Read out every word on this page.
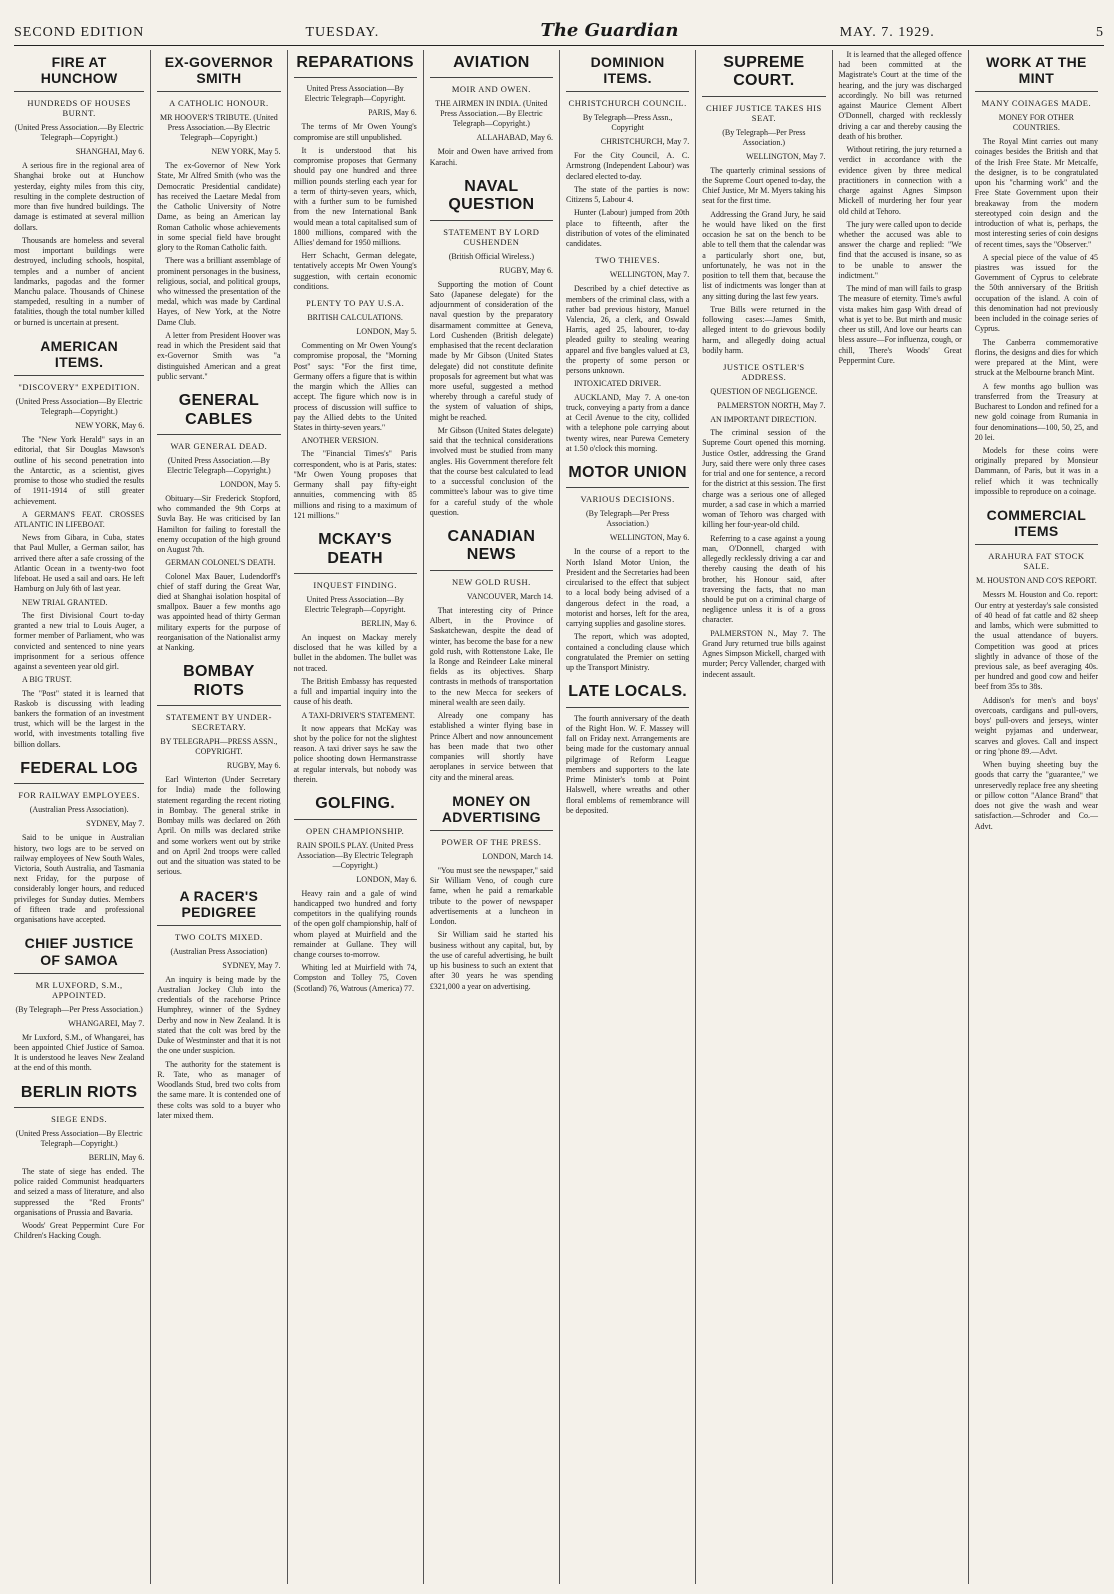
SECOND EDITION	TUESDAY.	The Guardian	MAY. 7. 1929.	5
FIRE AT HUNCHOW
HUNDREDS OF HOUSES BURNT.
(United Press Association.—By Electric Telegraph—Copyright.)
SHANGHAI, May 6.

A serious fire in the regional area of Shanghai broke out at Hunchow yesterday, eighty miles from this city, resulting in the complete destruction of more than five hundred buildings. The damage is estimated at several million dollars.

Thousands are homeless and several most important buildings were destroyed, including schools, hospital, temples and a number of ancient landmarks, pagodas and the former Manchu palace. Thousands of Chinese stampeded, resulting in a number of fatalities, though the total number killed or burned is uncertain at present.

AMERICAN ITEMS.
"DISCOVERY" EXPEDITION.
(United Press Association—By Electric Telegraph—Copyright.)
NEW YORK, May 6.

The "New York Herald" says in an editorial, that Sir Douglas Mawson's outline of his second penetration into the Antarctic, as a scientist, gives promise to those who studied the results of 1911-1914 of still greater achievement.

A GERMAN'S FEAT. CROSSES ATLANTIC IN LIFEBOAT.

News from Gibara, in Cuba, states that Paul Muller, a German sailor, has arrived there after a safe crossing of the Atlantic Ocean in a twenty-two foot lifeboat. He used a sail and oars. He left Hamburg on July 6th of last year.

NEW TRIAL GRANTED.

The first Divisional Court to-day granted a new trial to Louis Auger, a former member of Parliament, who was convicted and sentenced to nine years imprisonment for a serious offence against a seventeen year old girl.

A BIG TRUST.

The "Post" stated it is learned that Raskob is discussing with leading bankers the formation of an investment trust, which will be the largest in the world, with investments totalling five billion dollars.

FEDERAL LOG
FOR RAILWAY EMPLOYEES.
(Australian Press Association).
SYDNEY, May 7.

Said to be unique in Australian history, two logs are to be served on railway employees of New South Wales, Victoria, South Australia, and Tasmania next Friday, for the purpose of considerably longer hours, and reduced privileges for Sunday duties. Members of fifteen trade and professional organisations have accepted.

CHIEF JUSTICE OF SAMOA
MR LUXFORD, S.M., APPOINTED.
(By Telegraph—Per Press Association.)
WHANGAREI, May 7.

Mr Luxford, S.M., of Whangarei, has been appointed Chief Justice of Samoa. It is understood he leaves New Zealand at the end of this month.

BERLIN RIOTS
SIEGE ENDS.
(United Press Association—By Electric Telegraph—Copyright.)
BERLIN, May 6.

The state of siege has ended. The police raided Communist headquarters and seized a mass of literature, and also suppressed the "Red Fronts" organisations of Prussia and Bavaria.

Woods' Great Peppermint Cure For Children's Hacking Cough.

EX-GOVERNOR SMITH
A CATHOLIC HONOUR.
MR HOOVER'S TRIBUTE. (United Press Association.—By Electric Telegraph—Copyright.)
NEW YORK, May 5.

The ex-Governor of New York State, Mr Alfred Smith (who was the Democratic Presidential candidate) has received the Laetare Medal from the Catholic University of Notre Dame, as being an American lay Roman Catholic whose achievements in some special field have brought glory to the Roman Catholic faith.

There was a brilliant assemblage of prominent personages in the business, religious, social, and political groups, who witnessed the presentation of the medal, which was made by Cardinal Hayes, of New York, at the Notre Dame Club.

A letter from President Hoover was read in which the President said that ex-Governor Smith was "a distinguished American and a great public servant."

GENERAL CABLES
WAR GENERAL DEAD.
(United Press Association.—By Electric Telegraph—Copyright.)
LONDON, May 5.

Obituary—Sir Frederick Stopford, who commanded the 9th Corps at Suvla Bay. He was criticised by Ian Hamilton for failing to forestall the enemy occupation of the high ground on August 7th.

GERMAN COLONEL'S DEATH.

Colonel Max Bauer, Ludendorff's chief of staff during the Great War, died at Shanghai isolation hospital of smallpox. Bauer a few months ago was appointed head of thirty German military experts for the purpose of reorganisation of the Nationalist army at Nanking.

BOMBAY RIOTS
STATEMENT BY UNDER-SECRETARY.
BY TELEGRAPH—PRESS ASSN., COPYRIGHT.
RUGBY, May 6.

Earl Winterton (Under Secretary for India) made the following statement regarding the recent rioting in Bombay. The general strike in Bombay mills was declared on 26th April. On mills was declared strike and some workers went out by strike and on April 2nd troops were called out and the situation was stated to be serious.

A RACER'S PEDIGREE
TWO COLTS MIXED.
(Australian Press Association)
SYDNEY, May 7.

An inquiry is being made by the Australian Jockey Club into the credentials of the racehorse Prince Humphrey, winner of the Sydney Derby and now in New Zealand. It is stated that the colt was bred by the Duke of Westminster and that it is not the one under suspicion.

The authority for the statement is R. Tate, who as manager of Woodlands Stud, bred two colts from the same mare. It is contended one of these colts was sold to a buyer who later mixed them.

REPARATIONS
United Press Association—By Electric Telegraph—Copyright.
PARIS, May 6.

The terms of Mr Owen Young's compromise are still unpublished.

It is understood that his compromise proposes that Germany should pay one hundred and three million pounds sterling each year for a term of thirty-seven years, which, with a further sum to be furnished from the new International Bank would mean a total capitalised sum of 1800 millions, compared with the Allies' demand for 1950 millions.

Herr Schacht, German delegate, tentatively accepts Mr Owen Young's suggestion, with certain economic conditions.

PLENTY TO PAY U.S.A.
BRITISH CALCULATIONS.
LONDON, May 5.

Commenting on Mr Owen Young's compromise proposal, the "Morning Post" says: "For the first time, Germany offers a figure that is within the margin which the Allies can accept. The figure which now is in process of discussion will suffice to pay the Allied debts to the United States in thirty-seven years."

ANOTHER VERSION.

The "Financial Times's" Paris correspondent, who is at Paris, states: "Mr Owen Young proposes that Germany shall pay fifty-eight annuities, commencing with 85 millions and rising to a maximum of 121 millions."

MCKAY'S DEATH
INQUEST FINDING.
United Press Association—By Electric Telegraph—Copyright.
BERLIN, May 6.

An inquest on Mackay merely disclosed that he was killed by a bullet in the abdomen. The bullet was not traced.

The British Embassy has requested a full and impartial inquiry into the cause of his death.

A TAXI-DRIVER'S STATEMENT.

It now appears that McKay was shot by the police for not the slightest reason. A taxi driver says he saw the police shooting down Hermanstrasse at regular intervals, but nobody was therein.

GOLFING.
OPEN CHAMPIONSHIP.
RAIN SPOILS PLAY. (United Press Association—By Electric Telegraph—Copyright.)
LONDON, May 6.

Heavy rain and a gale of wind handicapped two hundred and forty competitors in the qualifying rounds of the open golf championship, half of whom played at Muirfield and the remainder at Gullane. They will change courses to-morrow.

Whiting led at Muirfield with 74, Compston and Tolley 75, Coven (Scotland) 76, Watrous (America) 77.

AVIATION
MOIR AND OWEN.
THE AIRMEN IN INDIA. (United Press Association.—By Electric Telegraph—Copyright.)
ALLAHABAD, May 6.

Moir and Owen have arrived from Karachi.

NAVAL QUESTION
STATEMENT BY LORD CUSHENDEN
(British Official Wireless.)
RUGBY, May 6.

Supporting the motion of Count Sato (Japanese delegate) for the adjournment of consideration of the naval question by the preparatory disarmament committee at Geneva, Lord Cushenden (British delegate) emphasised that the recent declaration made by Mr Gibson (United States delegate) did not constitute definite proposals for agreement but what was more useful, suggested a method whereby through a careful study of the system of valuation of ships, might be reached.

Mr Gibson (United States delegate) said that the technical considerations involved must be studied from many angles. His Government therefore felt that the course best calculated to lead to a successful conclusion of the committee's labour was to give time for a careful study of the whole question.

CANADIAN NEWS
NEW GOLD RUSH.
VANCOUVER, March 14.

That interesting city of Prince Albert, in the Province of Saskatchewan, despite the dead of winter, has become the base for a new gold rush, with Rottenstone Lake, Ile la Ronge and Reindeer Lake mineral fields as its objectives. Sharp contrasts in methods of transportation to the new Mecca for seekers of mineral wealth are seen daily.

Already one company has established a winter flying base in Prince Albert and now announcement has been made that two other companies will shortly have aeroplanes in service between that city and the mineral areas.

MONEY ON ADVERTISING
POWER OF THE PRESS.
LONDON, March 14.

"You must see the newspaper," said Sir William Veno, of cough cure fame, when he paid a remarkable tribute to the power of newspaper advertisements at a luncheon in London.

Sir William said he started his business without any capital, but, by the use of careful advertising, he built up his business to such an extent that after 30 years he was spending £321,000 a year on advertising.

DOMINION ITEMS.
CHRISTCHURCH COUNCIL.
By Telegraph—Press Assn., Copyright
CHRISTCHURCH, May 7.

For the City Council, A. C. Armstrong (Independent Labour) was declared elected to-day.

The state of the parties is now: Citizens 5, Labour 4.

Hunter (Labour) jumped from 20th place to fifteenth, after the distribution of votes of the eliminated candidates.

TWO THIEVES.
WELLINGTON, May 7.

Described by a chief detective as members of the criminal class, with a rather bad previous history, Manuel Valencia, 26, a clerk, and Oswald Harris, aged 25, labourer, to-day pleaded guilty to stealing wearing apparel and five bangles valued at £3, the property of some person or persons unknown.

INTOXICATED DRIVER.

AUCKLAND, May 7. A one-ton truck, conveying a party from a dance at Cecil Avenue to the city, collided with a telephone pole carrying about twenty wires, near Purewa Cemetery at 1.50 o'clock this morning.

MOTOR UNION
VARIOUS DECISIONS.
(By Telegraph—Per Press Association.)
WELLINGTON, May 6.

In the course of a report to the North Island Motor Union, the President and the Secretaries had been circularised to the effect that subject to a local body being advised of a dangerous defect in the road, a motorist and horses, left for the area, carrying supplies and gasoline stores.

The report, which was adopted, contained a concluding clause which congratulated the Premier on setting up the Transport Ministry.

LATE LOCALS.

The fourth anniversary of the death of the Right Hon. W. F. Massey will fall on Friday next. Arrangements are being made for the customary annual pilgrimage of Reform League members and supporters to the late Prime Minister's tomb at Point Halswell, where wreaths and other floral emblems of remembrance will be deposited.

SUPREME COURT.
CHIEF JUSTICE TAKES HIS SEAT.
(By Telegraph—Per Press Association.)
WELLINGTON, May 7.

The quarterly criminal sessions of the Supreme Court opened to-day, the Chief Justice, Mr M. Myers taking his seat for the first time.

Addressing the Grand Jury, he said he would have liked on the first occasion he sat on the bench to be able to tell them that the calendar was a particularly short one, but, unfortunately, he was not in the position to tell them that, because the list of indictments was longer than at any sitting during the last few years.

True Bills were returned in the following cases:—James Smith, alleged intent to do grievous bodily harm, and allegedly doing actual bodily harm.

JUSTICE OSTLER'S ADDRESS.
QUESTION OF NEGLIGENCE.
PALMERSTON NORTH, May 7.

AN IMPORTANT DIRECTION.

The criminal session of the Supreme Court opened this morning. Justice Ostler, addressing the Grand Jury, said there were only three cases for trial and one for sentence, a record for the district at this session. The first charge was a serious one of alleged murder, a sad case in which a married woman of Tehoro was charged with killing her four-year-old child.

Referring to a case against a young man, O'Donnell, charged with allegedly recklessly driving a car and thereby causing the death of his brother, his Honour said, after traversing the facts, that no man should be put on a criminal charge of negligence unless it is of a gross character.

PALMERSTON N., May 7. The Grand Jury returned true bills against Agnes Simpson Mickell, charged with murder; Percy Vallender, charged with indecent assault.

It is learned that the alleged offence had been committed at the Magistrate's Court at the time of the hearing, and the jury was discharged accordingly. No bill was returned against Maurice Clement Albert O'Donnell, charged with recklessly driving a car and thereby causing the death of his brother.

Without retiring, the jury returned a verdict in accordance with the evidence given by three medical practitioners in connection with a charge against Agnes Simpson Mickell of murdering her four year old child at Tehoro.

The jury were called upon to decide whether the accused was able to answer the charge and replied: "We find that the accused is insane, so as to be unable to answer the indictment."

The mind of man will fails to grasp The measure of eternity. Time's awful vista makes him gasp With dread of what is yet to be. But mirth and music cheer us still, And love our hearts can bless assure—For influenza, cough, or chill, There's Woods' Great Peppermint Cure.

WORK AT THE MINT
MANY COINAGES MADE.
MONEY FOR OTHER COUNTRIES.

The Royal Mint carries out many coinages besides the British and that of the Irish Free State. Mr Metcalfe, the designer, is to be congratulated upon his "charming work" and the Free State Government upon their breakaway from the modern stereotyped coin design and the introduction of what is, perhaps, the most interesting series of coin designs of recent times, says the "Observer."

A special piece of the value of 45 piastres was issued for the Government of Cyprus to celebrate the 50th anniversary of the British occupation of the island. A coin of this denomination had not previously been included in the coinage series of Cyprus.

The Canberra commemorative florins, the designs and dies for which were prepared at the Mint, were struck at the Melbourne branch Mint.

A few months ago bullion was transferred from the Treasury at Bucharest to London and refined for a new gold coinage from Rumania in four denominations—100, 50, 25, and 20 lei.

Models for these coins were originally prepared by Monsieur Dammann, of Paris, but it was in a relief which it was technically impossible to reproduce on a coinage.

COMMERCIAL ITEMS
ARAHURA FAT STOCK SALE.
M. HOUSTON AND CO'S REPORT.

Messrs M. Houston and Co. report: Our entry at yesterday's sale consisted of 40 head of fat cattle and 82 sheep and lambs, which were submitted to the usual attendance of buyers. Competition was good at prices slightly in advance of those of the previous sale, as beef averaging 40s. per hundred and good cow and heifer beef from 35s to 38s.

Addison's for men's and boys' overcoats, cardigans and pull-overs, boys' pull-overs and jerseys, winter weight pyjamas and underwear, scarves and gloves. Call and inspect or ring 'phone 89.—Advt.

When buying sheeting buy the goods that carry the "guarantee," we unreservedly replace free any sheeting or pillow cotton "Alance Brand" that does not give the wash and wear satisfaction.—Schroder and Co.—Advt.
